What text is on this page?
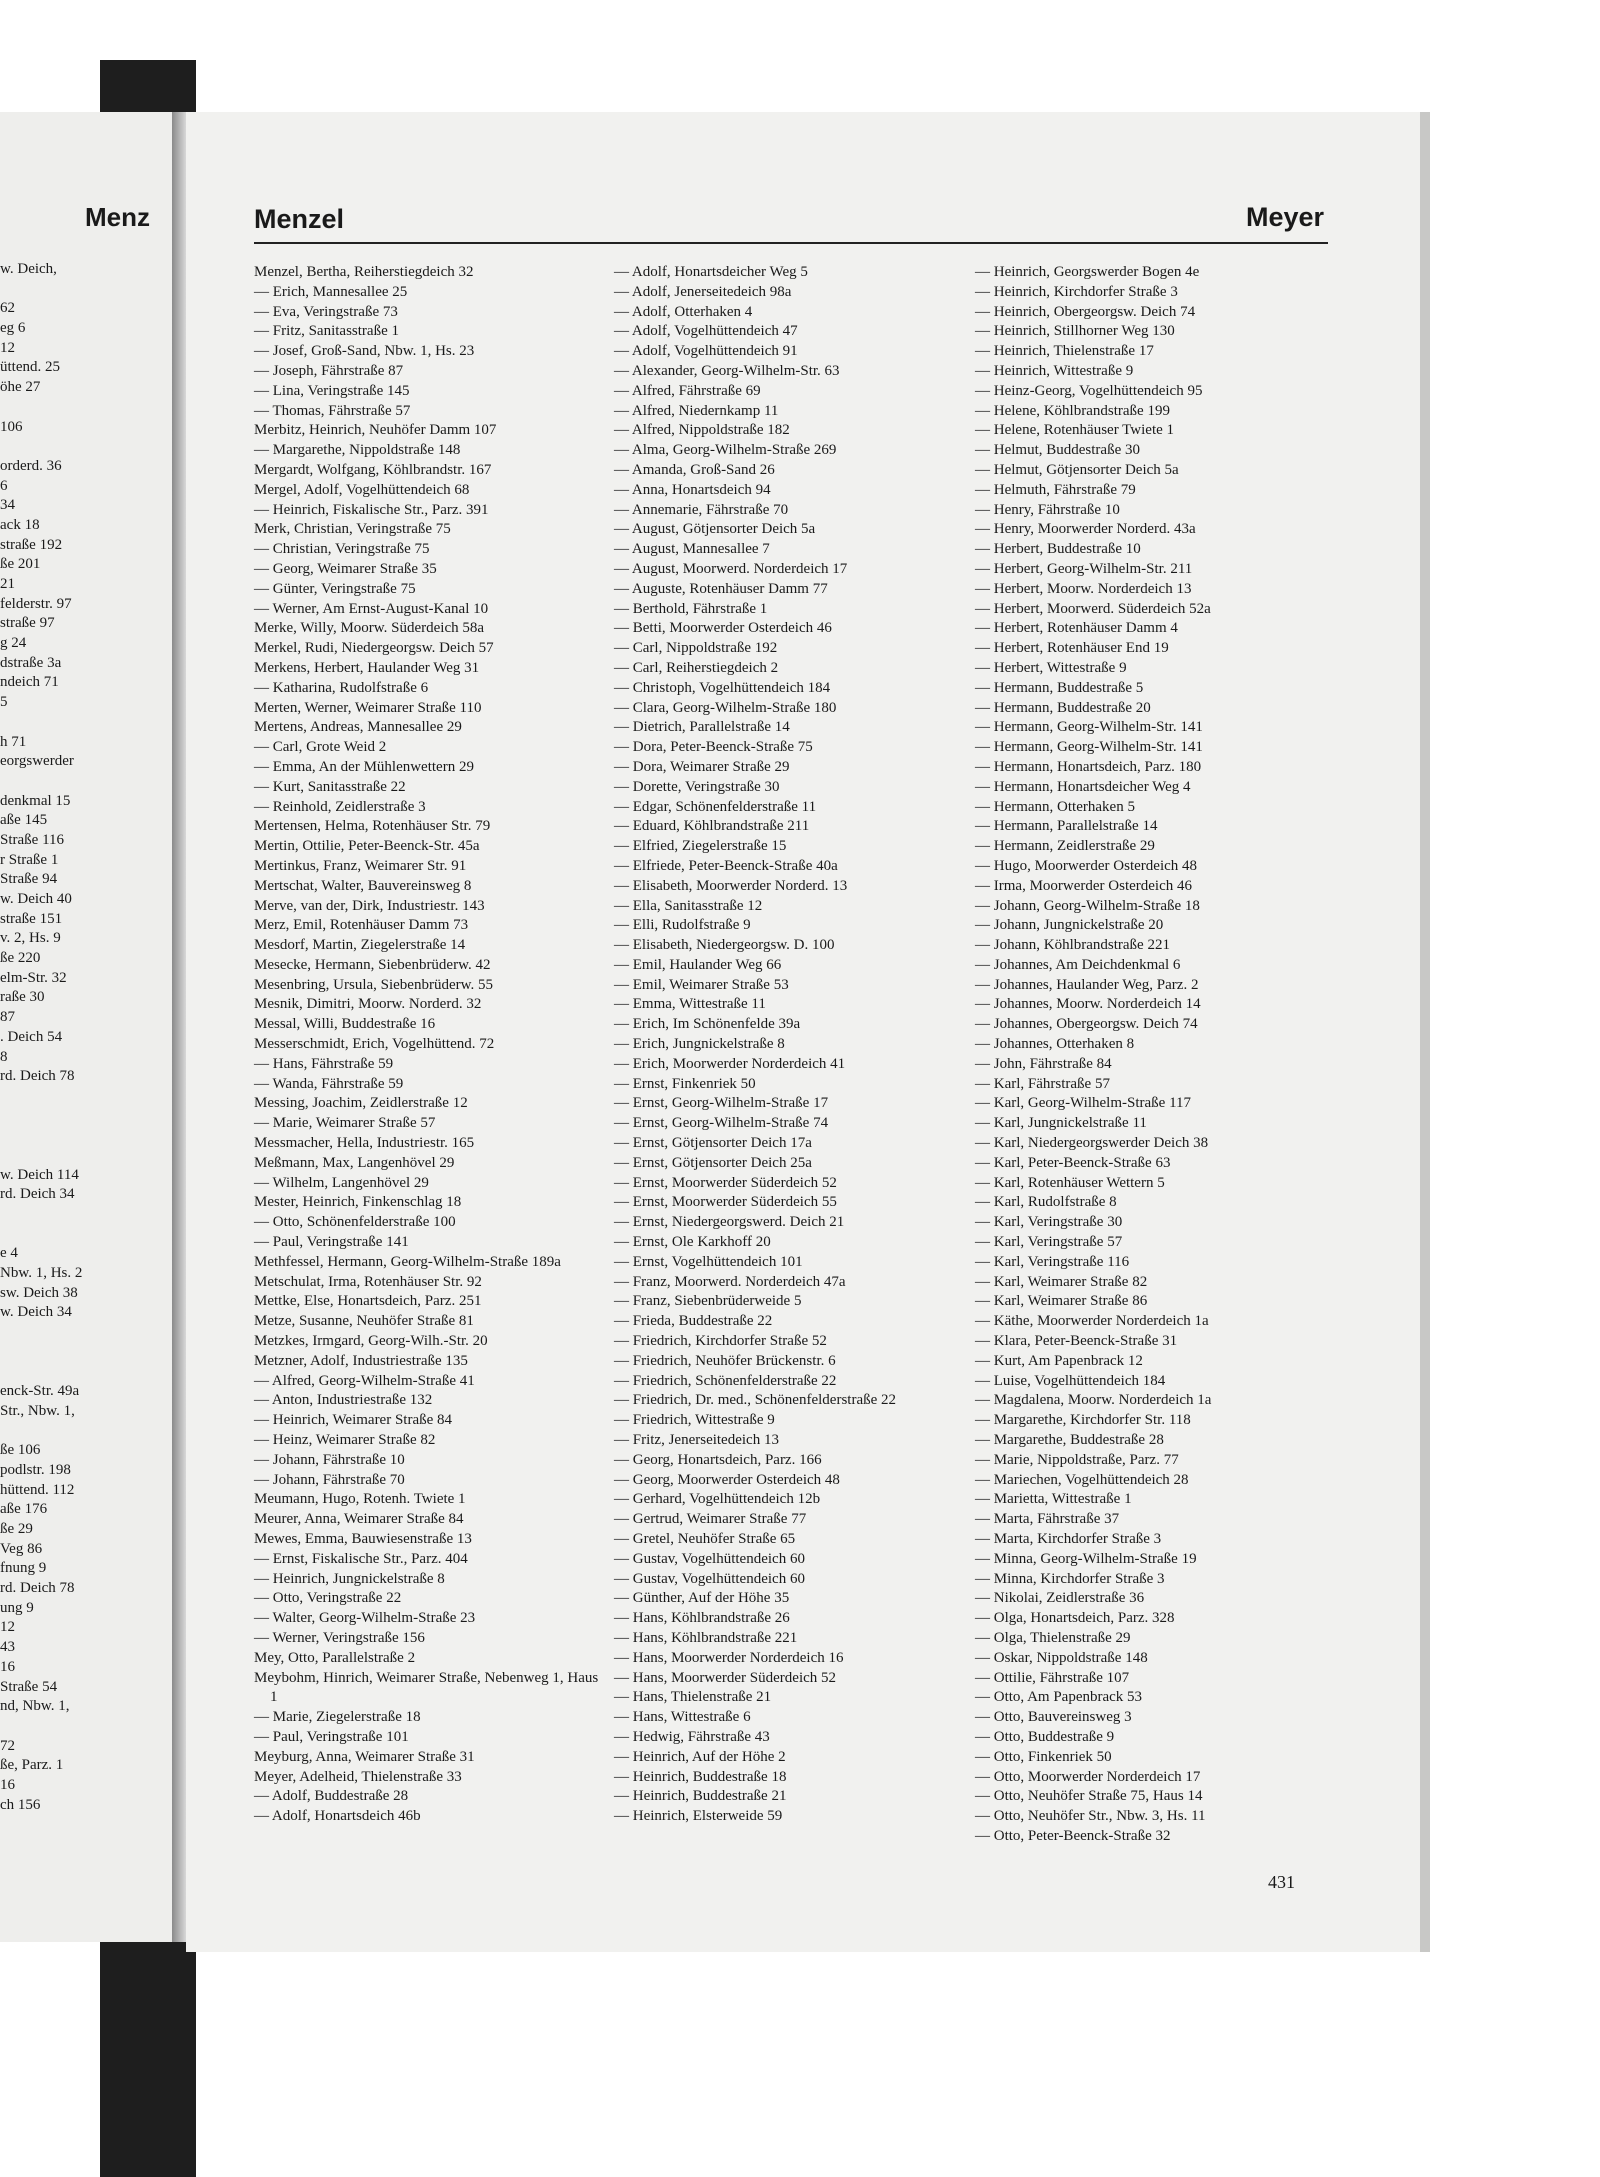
Menz
w. Deich,
62
eg 6
12
üttend. 25
öhe 27
106
orderd. 36
6
34
ack 18
straße 192
ße 201
21
felderstr. 97
straße 97
g 24
dstraße 3a
ndeich 71
5
h 71
eorgswerder
denkmal 15
aße 145
Straße 116
r Straße 1
Straße 94
w. Deich 40
straße 151
v. 2, Hs. 9
ße 220
elm-Str. 32
raße 30
87
. Deich 54
8
rd. Deich 78
w. Deich 114
rd. Deich 34
e 4
Nbw. 1, Hs. 2
sw. Deich 38
w. Deich 34
enck-Str. 49a
Str., Nbw. 1,
ße 106
podlstr. 198
hüttend. 112
aße 176
ße 29
Veg 86
fnung 9
rd. Deich 78
ung 9
12
43
16
Straße 54
nd, Nbw. 1,
72
ße, Parz. 1
16
ch 156
Menzel	Meyer
Menzel, Bertha, Reiherstiegdeich 32
— Erich, Mannesallee 25
— Eva, Veringstraße 73
— Fritz, Sanitasstraße 1
— Josef, Groß-Sand, Nbw. 1, Hs. 23
— Joseph, Fährstraße 87
— Lina, Veringstraße 145
— Thomas, Fährstraße 57
Merbitz, Heinrich, Neuhöfer Damm 107
— Margarethe, Nippoldstraße 148
Mergardt, Wolfgang, Köhlbrandstr. 167
Mergel, Adolf, Vogelhüttendeich 68
— Heinrich, Fiskalische Str., Parz. 391
Merk, Christian, Veringstraße 75
— Christian, Veringstraße 75
— Georg, Weimarer Straße 35
— Günter, Veringstraße 75
— Werner, Am Ernst-August-Kanal 10
Merke, Willy, Moorw. Süderdeich 58a
Merkel, Rudi, Niedergeorgsw. Deich 57
Merkens, Herbert, Haulander Weg 31
— Katharina, Rudolfstraße 6
Merten, Werner, Weimarer Straße 110
Mertens, Andreas, Mannesallee 29
— Carl, Grote Weid 2
— Emma, An der Mühlenwettern 29
— Kurt, Sanitasstraße 22
— Reinhold, Zeidlerstraße 3
Mertensen, Helma, Rotenhäuser Str. 79
Mertin, Ottilie, Peter-Beenck-Str. 45a
Mertinkus, Franz, Weimarer Str. 91
Mertschat, Walter, Bauvereinsweg 8
Merve, van der, Dirk, Industriestr. 143
Merz, Emil, Rotenhäuser Damm 73
Mesdorf, Martin, Ziegelerstraße 14
Mesecke, Hermann, Siebenbrüderw. 42
Mesenbring, Ursula, Siebenbrüderw. 55
Mesnik, Dimitri, Moorw. Norderd. 32
Messal, Willi, Buddestraße 16
Messerschmidt, Erich, Vogelhüttend. 72
— Hans, Fährstraße 59
— Wanda, Fährstraße 59
Messing, Joachim, Zeidlerstraße 12
— Marie, Weimarer Straße 57
Messmacher, Hella, Industriestr. 165
Meßmann, Max, Langenhövel 29
— Wilhelm, Langenhövel 29
Mester, Heinrich, Finkenschlag 18
— Otto, Schönenfelderstraße 100
— Paul, Veringstraße 141
Methfessel, Hermann, Georg-Wilhelm-Straße 189a
Metschulat, Irma, Rotenhäuser Str. 92
Mettke, Else, Honartsdeich, Parz. 251
Metze, Susanne, Neuhöfer Straße 81
Metzkes, Irmgard, Georg-Wilh.-Str. 20
Metzner, Adolf, Industriestraße 135
— Alfred, Georg-Wilhelm-Straße 41
— Anton, Industriestraße 132
— Heinrich, Weimarer Straße 84
— Heinz, Weimarer Straße 82
— Johann, Fährstraße 10
— Johann, Fährstraße 70
Meumann, Hugo, Rotenh. Twiete 1
Meurer, Anna, Weimarer Straße 84
Mewes, Emma, Bauwiesenstraße 13
— Ernst, Fiskalische Str., Parz. 404
— Heinrich, Jungnickelstraße 8
— Otto, Veringstraße 22
— Walter, Georg-Wilhelm-Straße 23
— Werner, Veringstraße 156
Mey, Otto, Parallelstraße 2
Meybohm, Hinrich, Weimarer Straße, Nebenweg 1, Haus 1
— Marie, Ziegelerstraße 18
— Paul, Veringstraße 101
Meyburg, Anna, Weimarer Straße 31
Meyer, Adelheid, Thielenstraße 33
— Adolf, Buddestraße 28
— Adolf, Honartsdeich 46b
— Adolf, Honartsdeicher Weg 5
— Adolf, Jenerseitedeich 98a
— Adolf, Otterhaken 4
— Adolf, Vogelhüttendeich 47
— Adolf, Vogelhüttendeich 91
— Alexander, Georg-Wilhelm-Str. 63
— Alfred, Fährstraße 69
— Alfred, Niedernkamp 11
— Alfred, Nippoldstraße 182
— Alma, Georg-Wilhelm-Straße 269
— Amanda, Groß-Sand 26
— Anna, Honartsdeich 94
— Annemarie, Fährstraße 70
— August, Götjensorter Deich 5a
— August, Mannesallee 7
— August, Moorwerd. Norderdeich 17
— Auguste, Rotenhäuser Damm 77
— Berthold, Fährstraße 1
— Betti, Moorwerder Osterdeich 46
— Carl, Nippoldstraße 192
— Carl, Reiherstiegdeich 2
— Christoph, Vogelhüttendeich 184
— Clara, Georg-Wilhelm-Straße 180
— Dietrich, Parallelstraße 14
— Dora, Peter-Beenck-Straße 75
— Dora, Weimarer Straße 29
— Dorette, Veringstraße 30
— Edgar, Schönenfelderstraße 11
— Eduard, Köhlbrandstraße 211
— Elfried, Ziegelerstraße 15
— Elfriede, Peter-Beenck-Straße 40a
— Elisabeth, Moorwerder Norderd. 13
— Ella, Sanitasstraße 12
— Elli, Rudolfstraße 9
— Elisabeth, Niedergeorgsw. D. 100
— Emil, Haulander Weg 66
— Emil, Weimarer Straße 53
— Emma, Wittestraße 11
— Erich, Im Schönenfelde 39a
— Erich, Jungnickelstraße 8
— Erich, Moorwerder Norderdeich 41
— Ernst, Finkenriek 50
— Ernst, Georg-Wilhelm-Straße 17
— Ernst, Georg-Wilhelm-Straße 74
— Ernst, Götjensorter Deich 17a
— Ernst, Götjensorter Deich 25a
— Ernst, Moorwerder Süderdeich 52
— Ernst, Moorwerder Süderdeich 55
— Ernst, Niedergeorgswerd. Deich 21
— Ernst, Ole Karkhoff 20
— Ernst, Vogelhüttendeich 101
— Franz, Moorwerd. Norderdeich 47a
— Franz, Siebenbrüderweide 5
— Frieda, Buddestraße 22
— Friedrich, Kirchdorfer Straße 52
— Friedrich, Neuhöfer Brückenstr. 6
— Friedrich, Schönenfelderstraße 22
— Friedrich, Dr. med., Schönenfelderstraße 22
— Friedrich, Wittestraße 9
— Fritz, Jenerseitedeich 13
— Georg, Honartsdeich, Parz. 166
— Georg, Moorwerder Osterdeich 48
— Gerhard, Vogelhüttendeich 12b
— Gertrud, Weimarer Straße 77
— Gretel, Neuhöfer Straße 65
— Gustav, Vogelhüttendeich 60
— Gustav, Vogelhüttendeich 60
— Günther, Auf der Höhe 35
— Hans, Köhlbrandstraße 26
— Hans, Köhlbrandstraße 221
— Hans, Moorwerder Norderdeich 16
— Hans, Moorwerder Süderdeich 52
— Hans, Thielenstraße 21
— Hans, Wittestraße 6
— Hedwig, Fährstraße 43
— Heinrich, Auf der Höhe 2
— Heinrich, Buddestraße 18
— Heinrich, Buddestraße 21
— Heinrich, Elsterweide 59
— Heinrich, Georgswerder Bogen 4e
— Heinrich, Kirchdorfer Straße 3
— Heinrich, Obergeorgsw. Deich 74
— Heinrich, Stillhorner Weg 130
— Heinrich, Thielenstraße 17
— Heinrich, Wittestraße 9
— Heinz-Georg, Vogelhüttendeich 95
— Helene, Köhlbrandstraße 199
— Helene, Rotenhäuser Twiete 1
— Helmut, Buddestraße 30
— Helmut, Götjensorter Deich 5a
— Helmuth, Fährstraße 79
— Henry, Fährstraße 10
— Henry, Moorwerder Norderd. 43a
— Herbert, Buddestraße 10
— Herbert, Georg-Wilhelm-Str. 211
— Herbert, Moorw. Norderdeich 13
— Herbert, Moorwerd. Süderdeich 52a
— Herbert, Rotenhäuser Damm 4
— Herbert, Rotenhäuser End 19
— Herbert, Wittestraße 9
— Hermann, Buddestraße 5
— Hermann, Buddestraße 20
— Hermann, Georg-Wilhelm-Str. 141
— Hermann, Georg-Wilhelm-Str. 141
— Hermann, Honartsdeich, Parz. 180
— Hermann, Honartsdeicher Weg 4
— Hermann, Otterhaken 5
— Hermann, Parallelstraße 14
— Hermann, Zeidlerstraße 29
— Hugo, Moorwerder Osterdeich 48
— Irma, Moorwerder Osterdeich 46
— Johann, Georg-Wilhelm-Straße 18
— Johann, Jungnickelstraße 20
— Johann, Köhlbrandstraße 221
— Johannes, Am Deichdenkmal 6
— Johannes, Haulander Weg, Parz. 2
— Johannes, Moorw. Norderdeich 14
— Johannes, Obergeorgsw. Deich 74
— Johannes, Otterhaken 8
— John, Fährstraße 84
— Karl, Fährstraße 57
— Karl, Georg-Wilhelm-Straße 117
— Karl, Jungnickelstraße 11
— Karl, Niedergeorgswerder Deich 38
— Karl, Peter-Beenck-Straße 63
— Karl, Rotenhäuser Wettern 5
— Karl, Rudolfstraße 8
— Karl, Veringstraße 30
— Karl, Veringstraße 57
— Karl, Veringstraße 116
— Karl, Weimarer Straße 82
— Karl, Weimarer Straße 86
— Käthe, Moorwerder Norderdeich 1a
— Klara, Peter-Beenck-Straße 31
— Kurt, Am Papenbrack 12
— Luise, Vogelhüttendeich 184
— Magdalena, Moorw. Norderdeich 1a
— Margarethe, Kirchdorfer Str. 118
— Margarethe, Buddestraße 28
— Marie, Nippoldstraße, Parz. 77
— Mariechen, Vogelhüttendeich 28
— Marietta, Wittestraße 1
— Marta, Fährstraße 37
— Marta, Kirchdorfer Straße 3
— Minna, Georg-Wilhelm-Straße 19
— Minna, Kirchdorfer Straße 3
— Nikolai, Zeidlerstraße 36
— Olga, Honartsdeich, Parz. 328
— Olga, Thielenstraße 29
— Oskar, Nippoldstraße 148
— Ottilie, Fährstraße 107
— Otto, Am Papenbrack 53
— Otto, Bauvereinsweg 3
— Otto, Buddestraße 9
— Otto, Finkenriek 50
— Otto, Moorwerder Norderdeich 17
— Otto, Neuhöfer Straße 75, Haus 14
— Otto, Neuhöfer Str., Nbw. 3, Hs. 11
— Otto, Peter-Beenck-Straße 32
431
